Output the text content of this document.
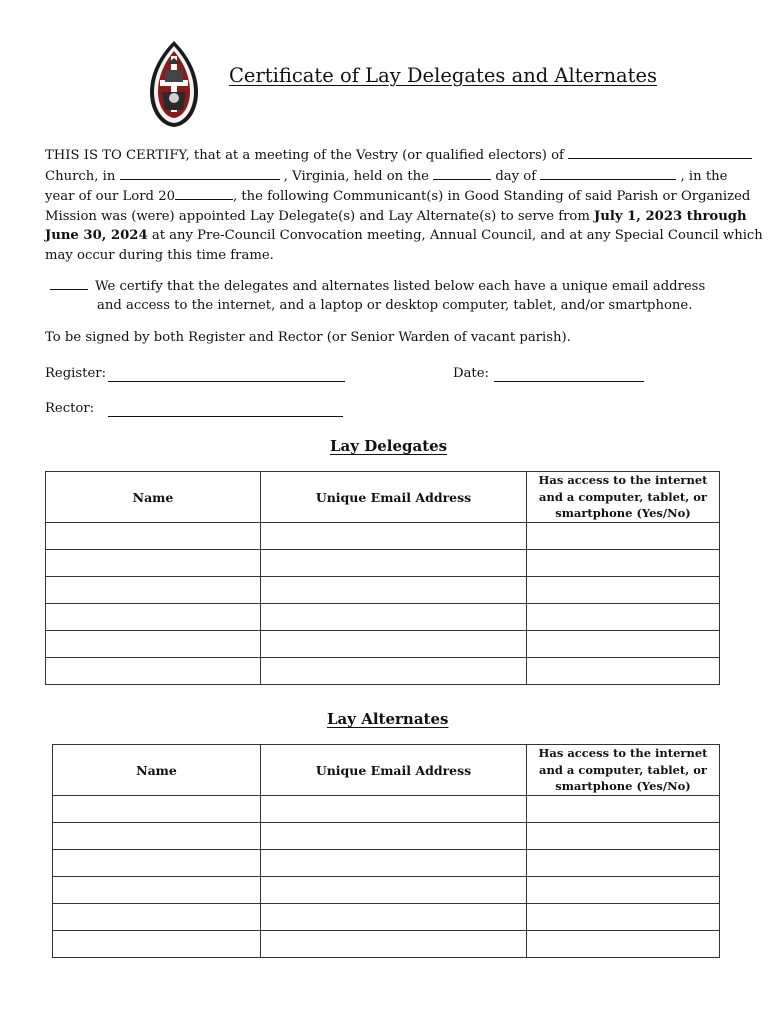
Certificate of Lay Delegates and Alternates
THIS IS TO CERTIFY, that at a meeting of the Vestry (or qualified electors) of
Church, in	, Virginia, held on the	day of	, in the
year of our Lord 20	, the following Communicant(s) in Good Standing of said Parish or Organized
Mission was (were) appointed Lay Delegate(s) and Lay Alternate(s) to serve from July 1, 2023 through
June 30, 2024 at any Pre-Council Convocation meeting, Annual Council, and at any Special Council which
may occur during this time frame.
We certify that the delegates and alternates listed below each have a unique email address
and access to the internet, and a laptop or desktop computer, tablet, and/or smartphone.
To be signed by both Register and Rector (or Senior Warden of vacant parish).
Register:	Date:
Rector:
Lay Delegates
Name	Unique Email Address	Has access to the internet and a computer, tablet, or smartphone (Yes/No)

Lay Alternates
Name	Unique Email Address	Has access to the internet and a computer, tablet, or smartphone (Yes/No)
